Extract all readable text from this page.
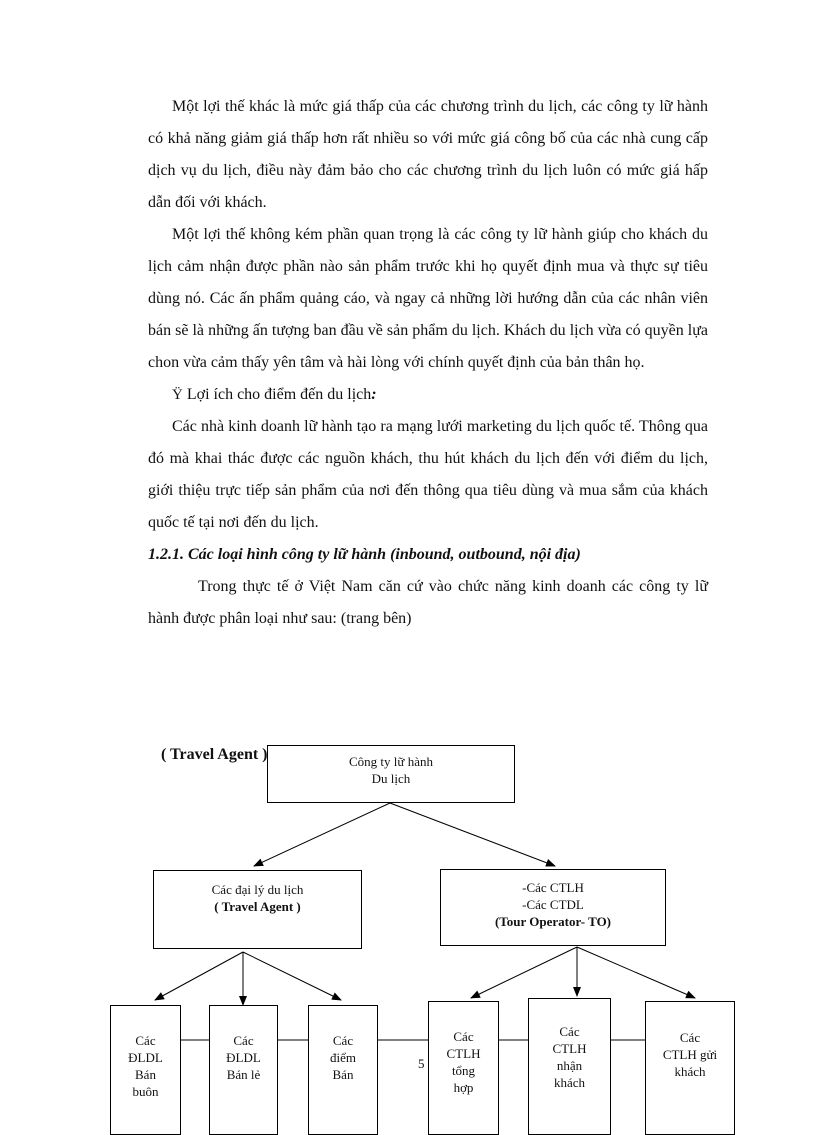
Một lợi thế khác là mức giá thấp của các chương trình du lịch, các công ty lữ hành có khả năng giảm giá thấp hơn rất nhiều so với mức giá công bố của các nhà cung cấp dịch vụ du lịch, điều này đảm bảo cho các chương trình du lịch luôn có mức giá hấp dẫn đối với khách.

Một lợi thế không kém phần quan trọng là các công ty lữ hành giúp cho khách du lịch cảm nhận được phần nào sản phẩm trước khi họ quyết định mua và thực sự tiêu dùng nó. Các ấn phẩm quảng cáo, và ngay cả những lời hướng dẫn của các nhân viên bán sẽ là những ấn tượng ban đầu về sản phẩm du lịch. Khách du lịch vừa có quyền lựa chon vừa cảm thấy yên tâm và hài lòng với chính quyết định của bản thân họ.

Ÿ Lợi ích cho điểm đến du lịch:

Các nhà kinh doanh lữ hành tạo ra mạng lưới marketing du lịch quốc tế. Thông qua đó mà khai thác được các nguồn khách, thu hút khách du lịch đến với điểm du lịch, giới thiệu trực tiếp sản phẩm của nơi đến thông qua tiêu dùng và mua sắm của khách quốc tế tại nơi đến du lịch.

1.2.1. Các loại hình công ty lữ hành (inbound, outbound, nội địa)

Trong thực tế ở Việt Nam căn cứ vào chức năng kinh doanh các công ty lữ hành được phân loại như sau: (trang bên)

( Travel Agent )	Công ty lữ hành
Du lịch
Các đại lý du lịch
( Travel Agent )
-Các CTLH
-Các CTDL
(Tour Operator- TO)
Các
ĐLDL
Bán
buôn
Các
ĐLDL
Bán lẻ
Các
điểm
Bán
Các
CTLH
tổng
hợp
Các
CTLH
nhận
khách
Các
CTLH gửi
khách
5
